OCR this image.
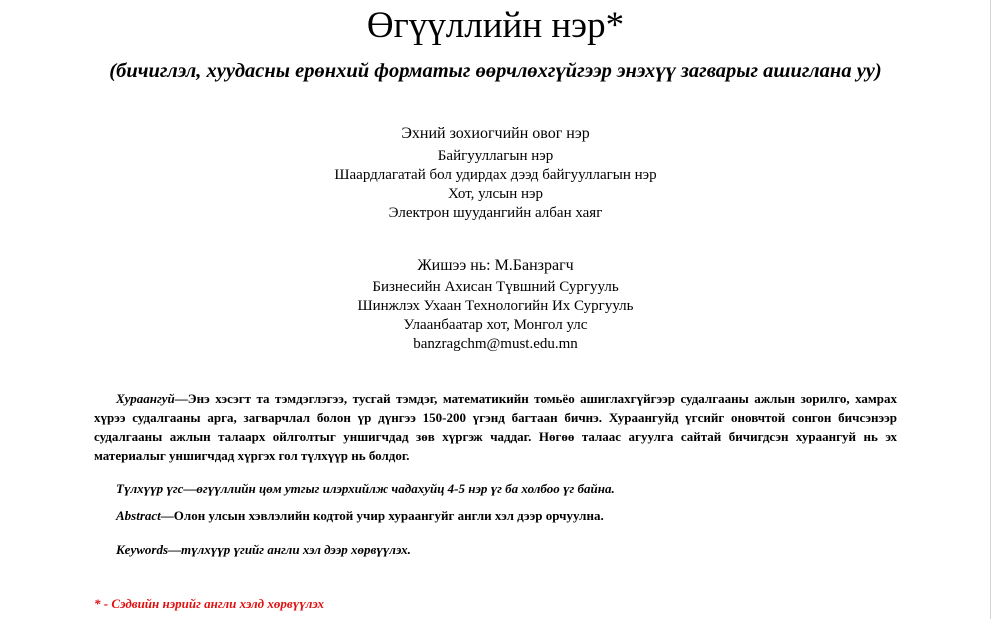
Өгүүллийн нэр*
(бичиглэл, хуудасны ерөнхий форматыг өөрчлөхгүйгээр энэхүү загварыг ашиглана уу)
Эхний зохиогчийн овог нэр
Байгууллагын нэр
Шаардлагатай бол удирдах дээд байгууллагын нэр
Хот, улсын нэр
Электрон шуудангийн албан хаяг
Жишээ нь: М.Банзрагч
Бизнесийн Ахисан Түвшний Сургууль
Шинжлэх Ухаан Технологийн Их Сургууль
Улаанбаатар хот, Монгол улс
banzragchm@must.edu.mn
Хураангуй—Энэ хэсэгт та тэмдэглэгээ, тусгай тэмдэг, математикийн томьёо ашиглахгүйгээр судалгааны ажлын зорилго, хамрах хүрээ судалгааны арга, загварчлал болон үр дүнгээ 150-200 үгэнд багтаан бичнэ. Хураангуйд үгсийг оновчтой сонгон бичсэнээр судалгааны ажлын талаарх ойлголтыг уншигчдад зөв хүргэж чаддаг. Нөгөө талаас агуулга сайтай бичигдсэн хураангуй нь эх материалыг уншигчдад хүргэх гол түлхүүр нь болдог.
Түлхүүр үгс—өгүүллийн цөм утгыг илэрхийлж чадахуйц 4-5 нэр үг ба холбоо үг байна.
Abstract—Олон улсын хэвлэлийн кодтой учир хураангуйг англи хэл дээр орчуулна.
Keywords—түлхүүр үгийг англи хэл дээр хөрвүүлэх.
* - Сэдвийн нэрийг англи хэлд хөрвүүлэх
